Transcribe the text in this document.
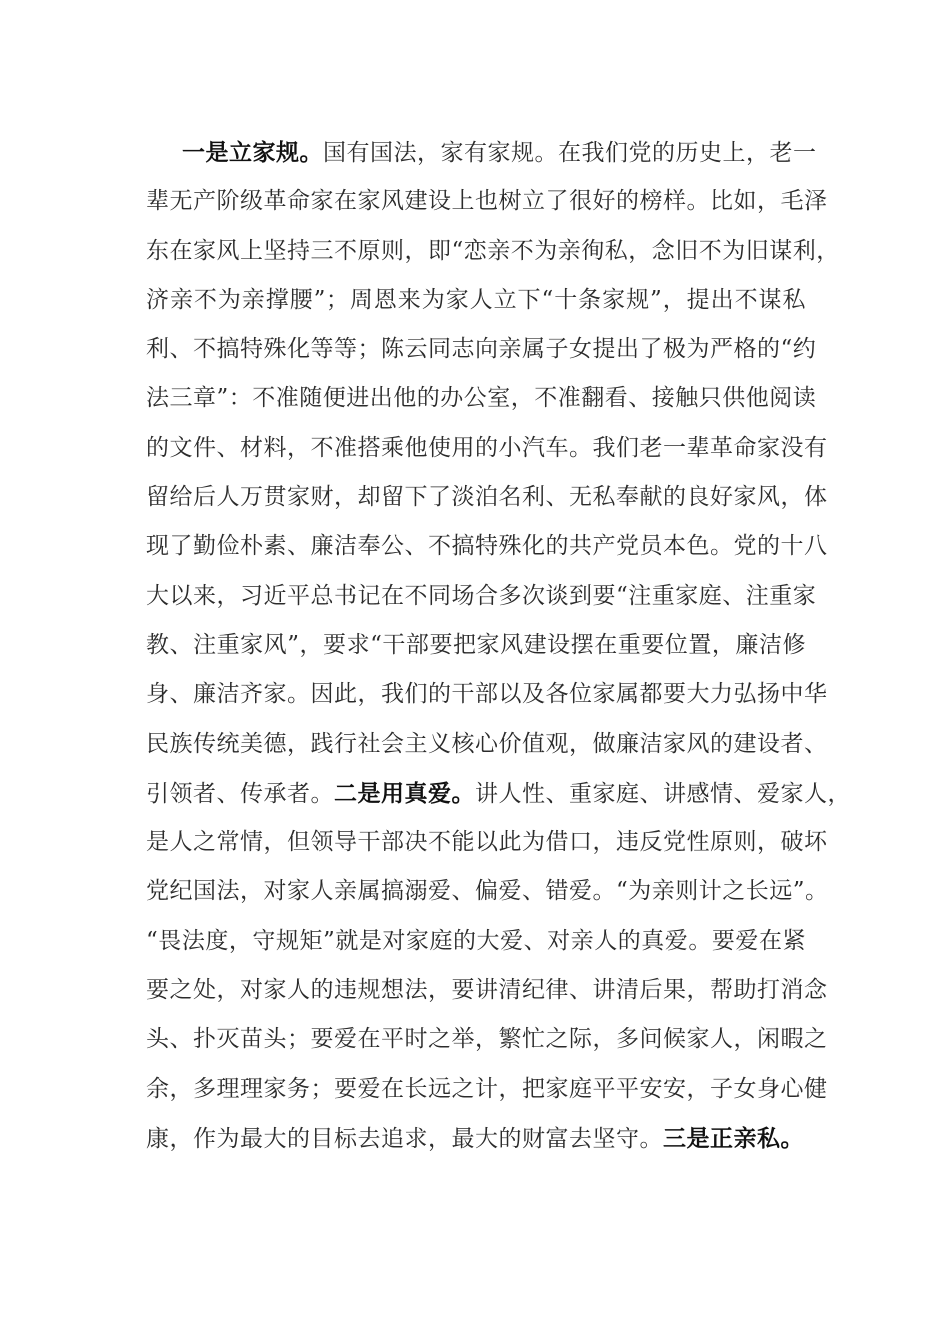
一是立家规。国有国法，家有家规。在我们党的历史上，老一
辈无产阶级革命家在家风建设上也树立了很好的榜样。比如，毛泽
东在家风上坚持三不原则，即“恋亲不为亲徇私，念旧不为旧谋利，
济亲不为亲撑腰”；周恩来为家人立下“十条家规”，提出不谋私
利、不搞特殊化等等；陈云同志向亲属子女提出了极为严格的“约
法三章”：不准随便进出他的办公室，不准翻看、接触只供他阅读
的文件、材料，不准搭乘他使用的小汽车。我们老一辈革命家没有
留给后人万贯家财，却留下了淡泊名利、无私奉献的良好家风，体
现了勤俭朴素、廉洁奉公、不搞特殊化的共产党员本色。党的十八
大以来，习近平总书记在不同场合多次谈到要“注重家庭、注重家
教、注重家风”，要求“干部要把家风建设摆在重要位置，廉洁修
身、廉洁齐家。因此，我们的干部以及各位家属都要大力弘扬中华
民族传统美德，践行社会主义核心价值观，做廉洁家风的建设者、
引领者、传承者。二是用真爱。讲人性、重家庭、讲感情、爱家人，
是人之常情，但领导干部决不能以此为借口，违反党性原则，破坏
党纪国法，对家人亲属搞溺爱、偏爱、错爱。“为亲则计之长远”。
“畏法度，守规矩”就是对家庭的大爱、对亲人的真爱。要爱在紧
要之处，对家人的违规想法，要讲清纪律、讲清后果，帮助打消念
头、扑灭苗头；要爱在平时之举，繁忙之际，多问候家人，闲暇之
余，多理理家务；要爱在长远之计，把家庭平平安安，子女身心健
康，作为最大的目标去追求，最大的财富去坚守。三是正亲私。
